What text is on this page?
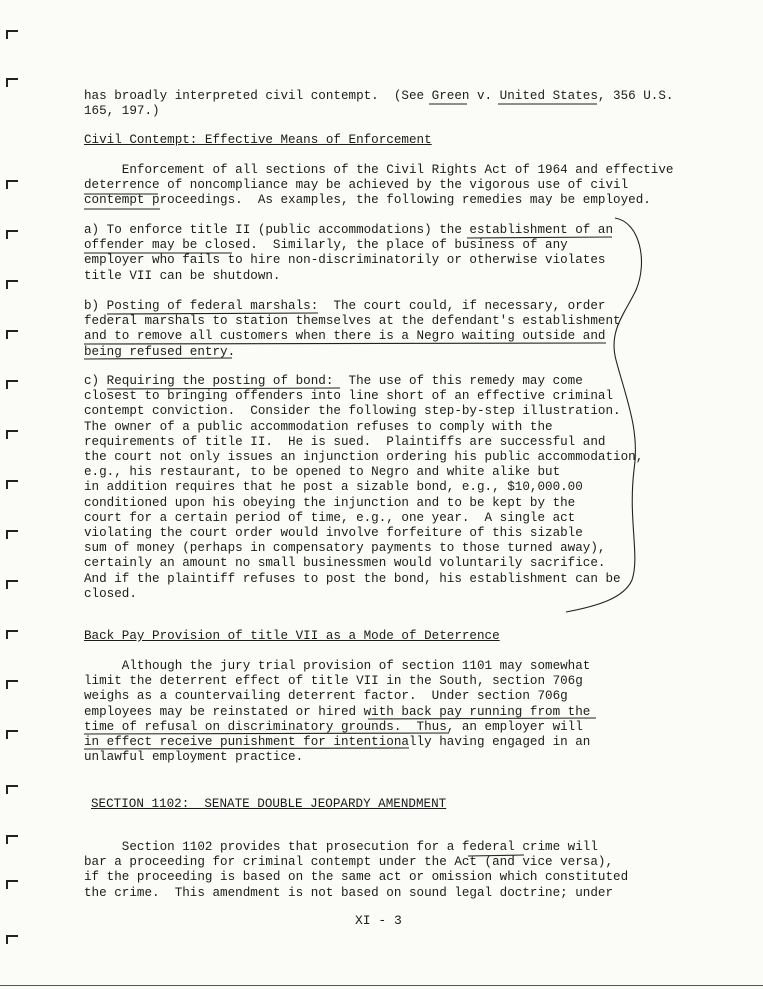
has broadly interpreted civil contempt.  (See Green v. United States, 356 U.S.
165, 197.)
Civil Contempt: Effective Means of Enforcement
Enforcement of all sections of the Civil Rights Act of 1964 and effective
deterrence of noncompliance may be achieved by the vigorous use of civil
contempt proceedings.  As examples, the following remedies may be employed.
a) To enforce title II (public accommodations) the establishment of an
offender may be closed.  Similarly, the place of business of any
employer who fails to hire non-discriminatorily or otherwise violates
title VII can be shutdown.
b) Posting of federal marshals:  The court could, if necessary, order
federal marshals to station themselves at the defendant's establishment
and to remove all customers when there is a Negro waiting outside and
being refused entry.
c) Requiring the posting of bond:  The use of this remedy may come
closest to bringing offenders into line short of an effective criminal
contempt conviction.  Consider the following step-by-step illustration.
The owner of a public accommodation refuses to comply with the
requirements of title II.  He is sued.  Plaintiffs are successful and
the court not only issues an injunction ordering his public accommodation,
e.g., his restaurant, to be opened to Negro and white alike but
in addition requires that he post a sizable bond, e.g., $10,000.00
conditioned upon his obeying the injunction and to be kept by the
court for a certain period of time, e.g., one year.  A single act
violating the court order would involve forfeiture of this sizable
sum of money (perhaps in compensatory payments to those turned away),
certainly an amount no small businessmen would voluntarily sacrifice.
And if the plaintiff refuses to post the bond, his establishment can be
closed.
Back Pay Provision of title VII as a Mode of Deterrence
Although the jury trial provision of section 1101 may somewhat
limit the deterrent effect of title VII in the South, section 706g
weighs as a countervailing deterrent factor.  Under section 706g
employees may be reinstated or hired with back pay running from the
time of refusal on discriminatory grounds.  Thus, an employer will
in effect receive punishment for intentionally having engaged in an
unlawful employment practice.
SECTION 1102:  SENATE DOUBLE JEOPARDY AMENDMENT
Section 1102 provides that prosecution for a federal crime will
bar a proceeding for criminal contempt under the Act (and vice versa),
if the proceeding is based on the same act or omission which constituted
the crime.  This amendment is not based on sound legal doctrine; under
XI - 3
